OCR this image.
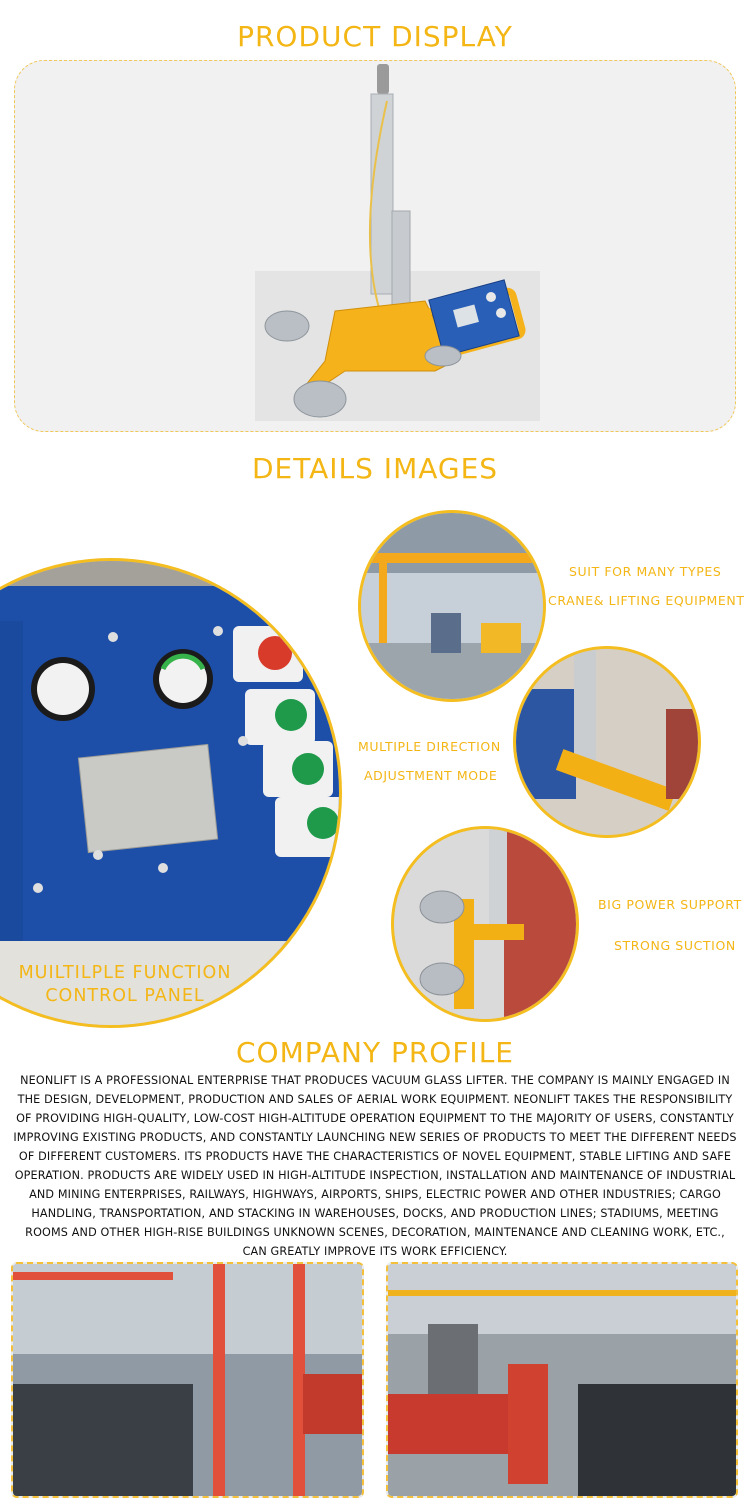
PRODUCT DISPLAY
DETAILS IMAGES
MUILTILPLE FUNCTION
CONTROL PANEL
SUIT FOR MANY TYPES
CRANE& LIFTING EQUIPMENT
MULTIPLE DIRECTION
ADJUSTMENT MODE
BIG POWER SUPPORT
STRONG SUCTION
COMPANY PROFILE
NEONLIFT IS A PROFESSIONAL ENTERPRISE THAT PRODUCES VACUUM GLASS LIFTER. THE COMPANY IS MAINLY ENGAGED IN THE DESIGN, DEVELOPMENT, PRODUCTION AND SALES OF AERIAL WORK EQUIPMENT. NEONLIFT TAKES THE RESPONSIBILITY OF PROVIDING HIGH-QUALITY, LOW-COST HIGH-ALTITUDE OPERATION EQUIPMENT TO THE MAJORITY OF USERS, CONSTANTLY IMPROVING EXISTING PRODUCTS, AND CONSTANTLY LAUNCHING NEW SERIES OF PRODUCTS TO MEET THE DIFFERENT NEEDS OF DIFFERENT CUSTOMERS. ITS PRODUCTS HAVE THE CHARACTERISTICS OF NOVEL EQUIPMENT, STABLE LIFTING AND SAFE OPERATION. PRODUCTS ARE WIDELY USED IN HIGH-ALTITUDE INSPECTION, INSTALLATION AND MAINTENANCE OF INDUSTRIAL AND MINING ENTERPRISES, RAILWAYS, HIGHWAYS, AIRPORTS, SHIPS, ELECTRIC POWER AND OTHER INDUSTRIES; CARGO HANDLING, TRANSPORTATION, AND STACKING IN WAREHOUSES, DOCKS, AND PRODUCTION LINES; STADIUMS, MEETING ROOMS AND OTHER HIGH-RISE BUILDINGS UNKNOWN SCENES, DECORATION, MAINTENANCE AND CLEANING WORK, ETC., CAN GREATLY IMPROVE ITS WORK EFFICIENCY.
